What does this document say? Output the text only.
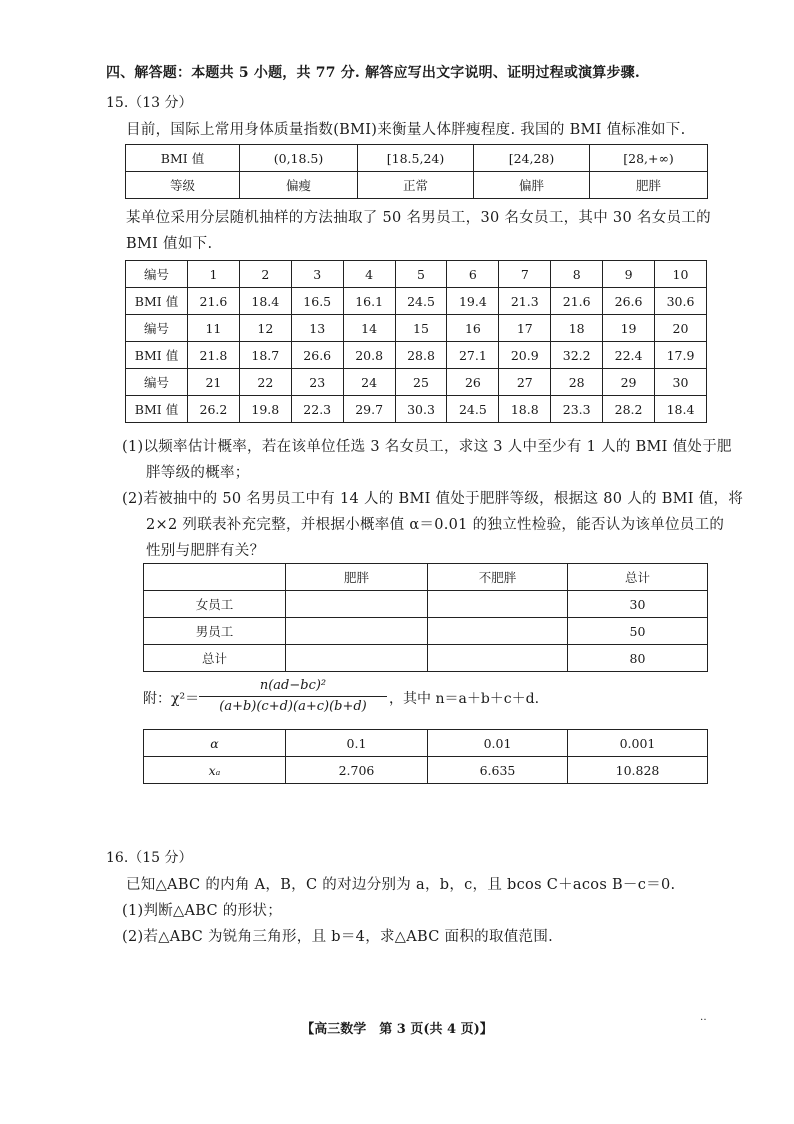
四、解答题：本题共 5 小题，共 77 分. 解答应写出文字说明、证明过程或演算步骤.
15.（13 分）
目前，国际上常用身体质量指数(BMI)来衡量人体胖瘦程度. 我国的 BMI 值标准如下.
BMI 值	(0,18.5)	[18.5,24)	[24,28)	[28,+∞)
等级	偏瘦	正常	偏胖	肥胖
某单位采用分层随机抽样的方法抽取了 50 名男员工，30 名女员工，其中 30 名女员工的
BMI 值如下.
编号	1	2	3	4	5	6	7	8	9	10
BMI 值	21.6	18.4	16.5	16.1	24.5	19.4	21.3	21.6	26.6	30.6
编号	11	12	13	14	15	16	17	18	19	20
BMI 值	21.8	18.7	26.6	20.8	28.8	27.1	20.9	32.2	22.4	17.9
编号	21	22	23	24	25	26	27	28	29	30
BMI 值	26.2	19.8	22.3	29.7	30.3	24.5	18.8	23.3	28.2	18.4
(1)以频率估计概率，若在该单位任选 3 名女员工，求这 3 人中至少有 1 人的 BMI 值处于肥
胖等级的概率；
(2)若被抽中的 50 名男员工中有 14 人的 BMI 值处于肥胖等级，根据这 80 人的 BMI 值，将
2×2 列联表补充完整，并根据小概率值 α＝0.01 的独立性检验，能否认为该单位员工的
性别与肥胖有关？
	肥胖	不肥胖	总计
女员工			30
男员工			50
总计			80
附：χ²＝
n(ad−bc)²
(a+b)(c+d)(a+c)(b+d)	，其中 n＝a＋b＋c＋d.
α	0.1	0.01	0.001
xₐ	2.706	6.635	10.828
16.（15 分）
已知△ABC 的内角 A，B，C 的对边分别为 a，b，c，且 bcos C＋acos B－c＝0.
(1)判断△ABC 的形状；
(2)若△ABC 为锐角三角形，且 b＝4，求△ABC 面积的取值范围.
【高三数学　第 3 页(共 4 页)】
‥
